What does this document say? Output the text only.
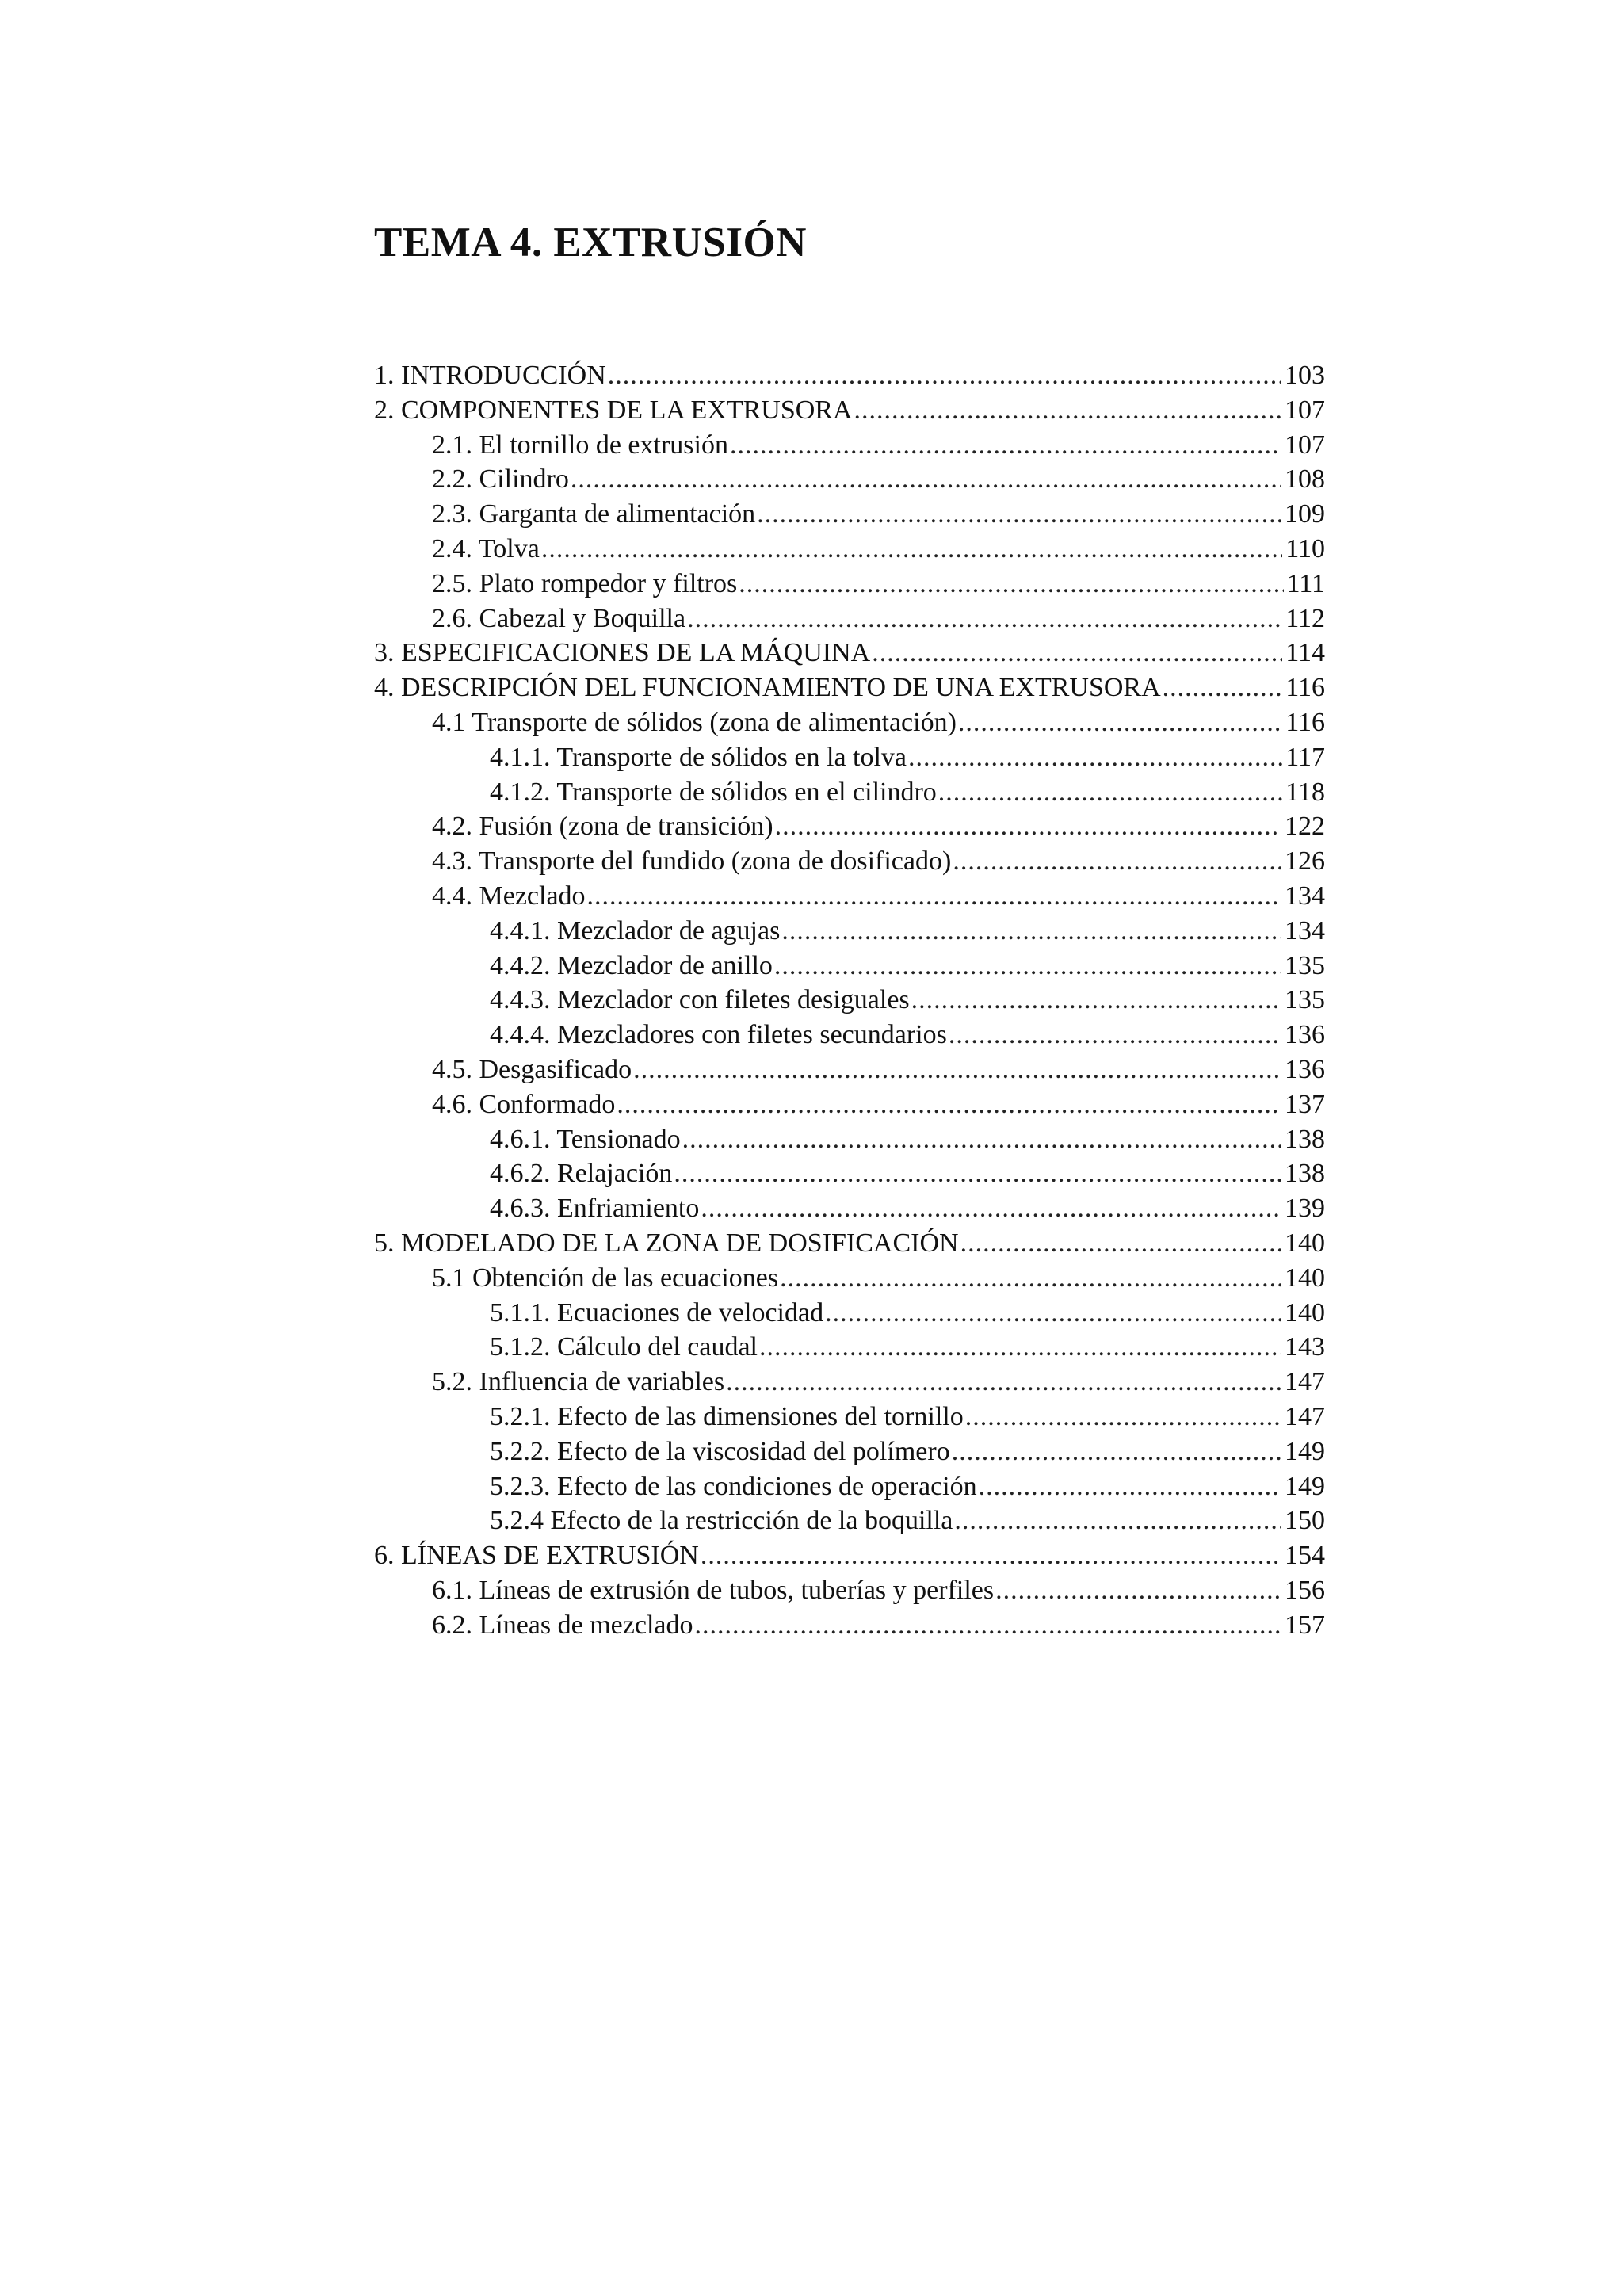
TEMA 4. EXTRUSIÓN
1. INTRODUCCIÓN .....	103
2. COMPONENTES DE LA EXTRUSORA .....	107
2.1. El tornillo de extrusión .....	107
2.2. Cilindro .....	108
2.3. Garganta de alimentación .....	109
2.4. Tolva .....	110
2.5. Plato rompedor y filtros .....	111
2.6. Cabezal y Boquilla .....	112
3. ESPECIFICACIONES DE LA MÁQUINA .....	114
4. DESCRIPCIÓN DEL FUNCIONAMIENTO DE UNA EXTRUSORA .....	116
4.1 Transporte de sólidos (zona de alimentación) .....	116
4.1.1. Transporte de sólidos en la tolva .....	117
4.1.2. Transporte de sólidos en el cilindro .....	118
4.2. Fusión (zona de transición) .....	122
4.3. Transporte del fundido (zona de dosificado) .....	126
4.4. Mezclado .....	134
4.4.1. Mezclador de agujas .....	134
4.4.2. Mezclador de anillo .....	135
4.4.3. Mezclador con filetes desiguales .....	135
4.4.4. Mezcladores con filetes secundarios .....	136
4.5. Desgasificado .....	136
4.6. Conformado .....	137
4.6.1. Tensionado .....	138
4.6.2. Relajación .....	138
4.6.3. Enfriamiento .....	139
5. MODELADO DE LA ZONA DE DOSIFICACIÓN .....	140
5.1 Obtención de las ecuaciones .....	140
5.1.1. Ecuaciones de velocidad .....	140
5.1.2. Cálculo del caudal .....	143
5.2. Influencia de variables .....	147
5.2.1. Efecto de las dimensiones del tornillo .....	147
5.2.2. Efecto de la viscosidad del polímero .....	149
5.2.3. Efecto de las condiciones de operación .....	149
5.2.4 Efecto de la restricción de la boquilla .....	150
6. LÍNEAS DE EXTRUSIÓN .....	154
6.1. Líneas de extrusión de tubos, tuberías y perfiles .....	156
6.2. Líneas de mezclado .....	157
